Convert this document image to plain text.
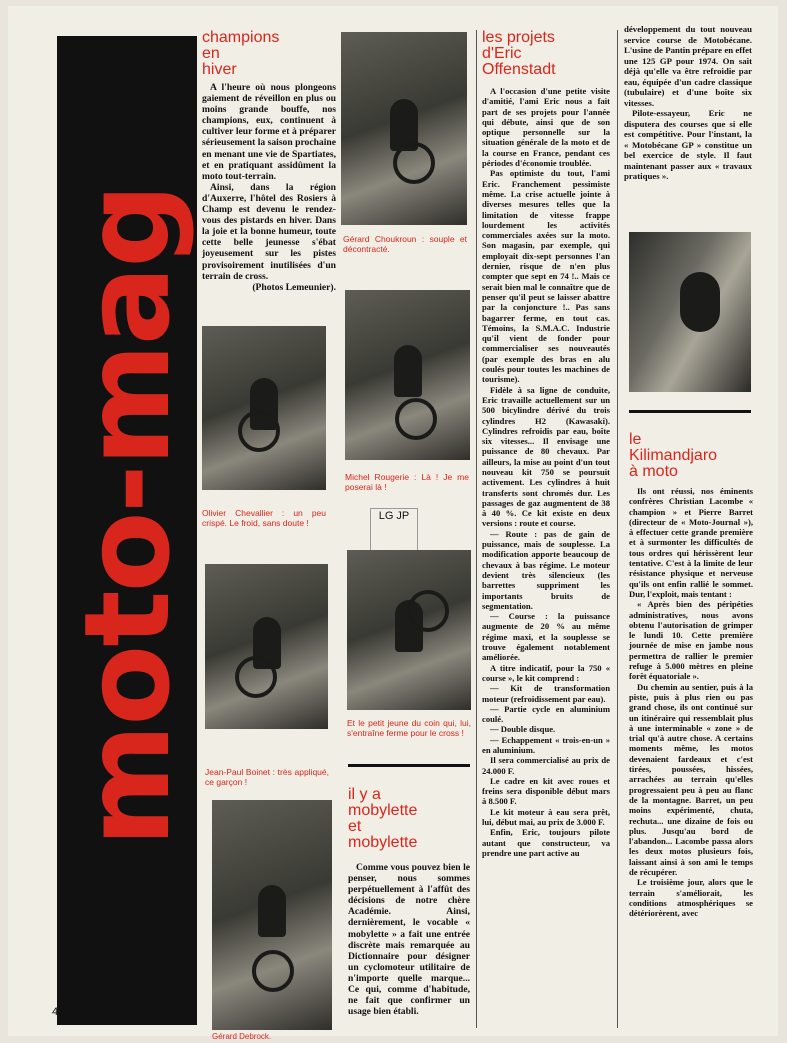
moto-mag
m. drouhiole
4
champions
en
hiver

A l'heure où nous plongeons gaiement de réveillon en plus ou moins grande bouffe, nos champions, eux, continuent à cultiver leur forme et à préparer sérieusement la saison prochaine en menant une vie de Spartiates, et en pratiquant assidûment la moto tout-terrain.

Ainsi, dans la région d'Auxerre, l'hôtel des Rosiers à Champ est devenu le rendez-vous des pistards en hiver. Dans la joie et la bonne humeur, toute cette belle jeunesse s'ébat joyeusement sur les pistes provisoirement inutilisées d'un terrain de cross.

(Photos Lemeunier).

Olivier Chevallier : un peu crispé. Le froid, sans doute !
Jean-Paul Boinet : très appliqué, ce garçon !
Gérard Debrock.
Gérard Choukroun : souple et décontracté.
Michel Rougerie : Là ! Je me poserai là !
LG JP
Et le petit jeune du coin qui, lui, s'entraîne ferme pour le cross !
il y a
mobylette
et
mobylette

Comme vous pouvez bien le penser, nous sommes perpétuellement à l'affût des décisions de notre chère Académie. Ainsi, dernièrement, le vocable « mobylette » a fait une entrée discrète mais remarquée au Dictionnaire pour désigner un cyclomoteur utilitaire de n'importe quelle marque... Ce qui, comme d'habitude, ne fait que confirmer un usage bien établi.

les projets
d'Eric
Offenstadt

A l'occasion d'une petite visite d'amitié, l'ami Eric nous a fait part de ses projets pour l'année qui débute, ainsi que de son optique personnelle sur la situation générale de la moto et de la course en France, pendant ces périodes d'économie troublée.

Pas optimiste du tout, l'ami Eric. Franchement pessimiste même. La crise actuelle jointe à diverses mesures telles que la limitation de vitesse frappe lourdement les activités commerciales axées sur la moto. Son magasin, par exemple, qui employait dix-sept personnes l'an dernier, risque de n'en plus compter que sept en 74 !.. Mais ce serait bien mal le connaître que de penser qu'il peut se laisser abattre par la conjoncture !.. Pas sans bagarrer ferme, en tout cas. Témoins, la S.M.A.C. Industrie qu'il vient de fonder pour commercialiser ses nouveautés (par exemple des bras en alu coulés pour toutes les machines de tourisme).

Fidèle à sa ligne de conduite, Eric travaille actuellement sur un 500 bicylindre dérivé du trois cylindres H2 (Kawasaki). Cylindres refroidis par eau, boîte six vitesses... Il envisage une puissance de 80 chevaux. Par ailleurs, la mise au point d'un tout nouveau kit 750 se poursuit activement. Les cylindres à huit transferts sont chromés dur. Les passages de gaz augmentent de 38 à 40 %. Ce kit existe en deux versions : route et course.

— Route : pas de gain de puissance, mais de souplesse. La modification apporte beaucoup de chevaux à bas régime. Le moteur devient très silencieux (les barrettes suppriment les importants bruits de segmentation.

— Course : la puissance augmente de 20 % au même régime maxi, et la souplesse se trouve également notablement améliorée.

A titre indicatif, pour la 750 « course », le kit comprend :

— Kit de transformation moteur (refroidissement par eau).

— Partie cycle en aluminium coulé.

— Double disque.

— Echappement « trois-en-un » en aluminium.

Il sera commercialisé au prix de 24.000 F.

Le cadre en kit avec roues et freins sera disponible début mars à 8.500 F.

Le kit moteur à eau sera prêt, lui, début mai, au prix de 3.000 F.

Enfin, Eric, toujours pilote autant que constructeur, va prendre une part active au

développement du tout nouveau service course de Motobécane. L'usine de Pantin prépare en effet une 125 GP pour 1974. On sait déjà qu'elle va être refroidie par eau, équipée d'un cadre classique (tubulaire) et d'une boîte six vitesses.

Pilote-essayeur, Eric ne disputera des courses que si elle est compétitive. Pour l'instant, la « Motobécane GP » constitue un bel exercice de style. Il faut maintenant passer aux « travaux pratiques ».

le
Kilimandjaro
à moto

Ils ont réussi, nos éminents confrères Christian Lacombe « champion » et Pierre Barret (directeur de « Moto-Journal »), à effectuer cette grande première et à surmonter les difficultés de tous ordres qui hérissèrent leur tentative. C'est à la limite de leur résistance physique et nerveuse qu'ils ont enfin rallié le sommet. Dur, l'exploit, mais tentant :

« Après bien des péripéties administratives, nous avons obtenu l'autorisation de grimper le lundi 10. Cette première journée de mise en jambe nous permettra de rallier le premier refuge à 5.000 mètres en pleine forêt équatoriale ».

Du chemin au sentier, puis à la piste, puis à plus rien ou pas grand chose, ils ont continué sur un itinéraire qui ressemblait plus à une interminable « zone » de trial qu'à autre chose. A certains moments même, les motos devenaient fardeaux et c'est tirées, poussées, hissées, arrachées au terrain qu'elles progressaient peu à peu au flanc de la montagne. Barret, un peu moins expérimenté, chuta, rechuta... une dizaine de fois ou plus. Jusqu'au bord de l'abandon... Lacombe passa alors les deux motos plusieurs fois, laissant ainsi à son ami le temps de récupérer.

Le troisième jour, alors que le terrain s'améliorait, les conditions atmosphériques se détériorèrent, avec
